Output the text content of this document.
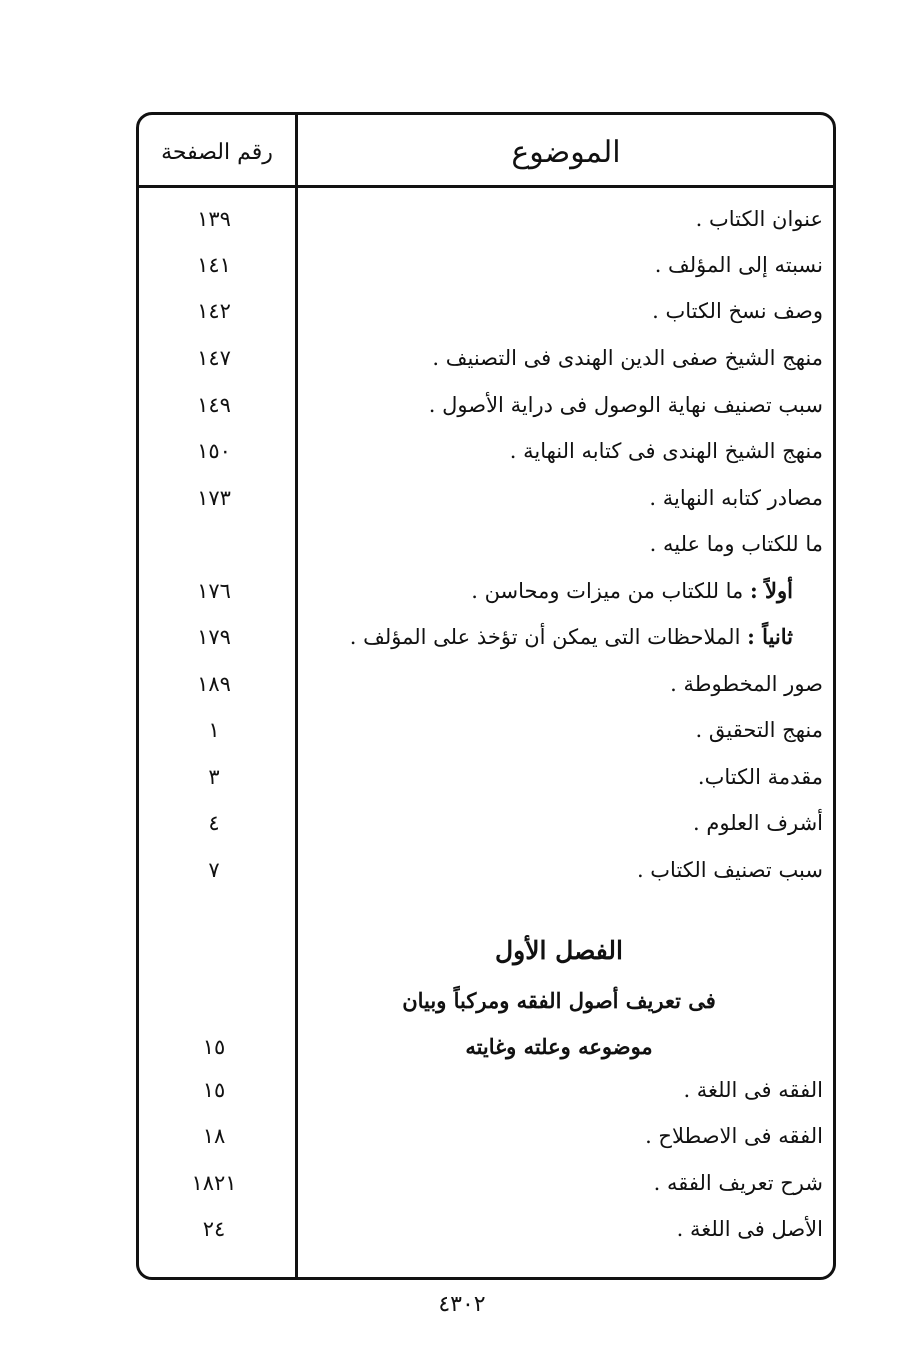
الموضوع
رقم الصفحة
عنوان الكتاب .
١٣٩
نسبته إلى المؤلف .
١٤١
وصف نسخ الكتاب .
١٤٢
منهج الشيخ صفى الدين الهندى فى التصنيف .
١٤٧
سبب تصنيف نهاية الوصول فى دراية الأصول .
١٤٩
منهج الشيخ الهندى فى كتابه النهاية .
١٥٠
مصادر كتابه النهاية .
١٧٣
ما للكتاب وما عليه .
أولاً : ما للكتاب من ميزات ومحاسن .
١٧٦
ثانياً : الملاحظات التى يمكن أن تؤخذ على المؤلف .
١٧٩
صور المخطوطة .
١٨٩
منهج التحقيق .
١
مقدمة الكتاب.
٣
أشرف العلوم .
٤
سبب تصنيف الكتاب .
٧
الفصل الأول
فى تعريف أصول الفقه ومركباً وبيان
موضوعه وعلته وغايته
١٥
الفقه فى اللغة .
١٥
الفقه فى الاصطلاح .
١٨
شرح تعريف الفقه .
١٨٢١
الأصل فى اللغة .
٢٤
٤٣٠٢
